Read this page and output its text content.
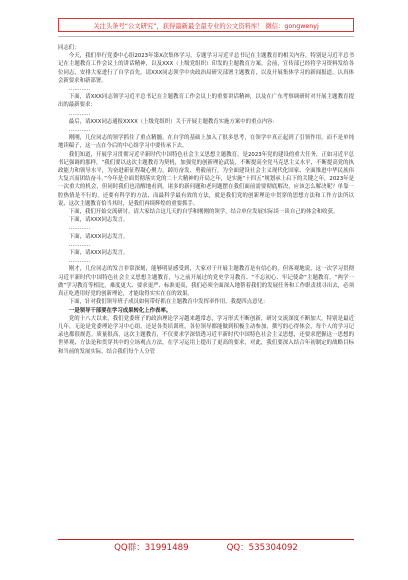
关注头条号“公文研究”，获得最新最全最专业的公文资料库！ 微信：gongwenyj

同志们：

今天，我们举行党委中心组2023年第X次集体学习，专题学习习近平总书记在主题教育的相关内容。特别是习近平总书记在主题教育工作会议上的讲话精神，以及XXX（上级党组织）印发的主题教育方案。会前，宣传部已经将学习资料发给各位同志，安排大家进行了自学首先，请XXX同志领学中央政治局研究部署主题教育，以及开展集体学习的新闻报道，认真体会新要求和新部署。

…………

下面，请XXX同志领学习近平总书记在主题教育工作会议上的重要讲话精神，以及在广东考察调研时对开展主题教育提出的最新要求：

…………

最后，请XXX同志通报XXXX（上级党组织）关于开展主题教育实施方案中的重点内容：

…………

刚刚，几位同志的领学抓住了重点精髓，在自学的基础上加入了很多思考，在领学中真正起到了引领作用，而不是单纯地读稿子，这一点在今后的中心组学习中要传承下去。

我们知道，开展学习贯彻习近平新时代中国特色社会主义思想主题教育，是2023年党的建设的重大任务，正如习近平总书记强调的那样，“我们要以这次主题教育为契机，加强党的创新理论武装，不断提高全党马克思主义水平，不断提高党的执政能力和领导水平，为奋进新征程凝心聚力，踔厉奋发、勇毅前行，为全面建设社会主义现代化国家、全面推进中华民族伟大复兴而团结奋斗。”今年是全面贯彻落实党的二十大精神的开局之年，是实施“十四五”规划承上启下的关键之年，2023年是一次重大的机会，但同时我们也清醒地看到，诸多的新问题和老问题摆在我们面前需要彻底解决，应该怎么解决呢？单靠一腔热情是不行的，还要有科学的方法、而最科学最有效的方法，就是我们党的创新理论中贯穿的思想方法和工作方法所以说，这次主题教育恰当其时，是我们再续辉煌的重要抓手。

下面，我们开始交流研讨，请大家结合这几天的自学和刚刚的领学，结合单位发展实际谈一谈自己的体会和收获。

下面，请XXX同志发言。

…………

下面，请XXX同志发言。

…………

下面，请XXX同志发言。

…………

刚才，几位同志的发言非常深刻，能够明显感受到，大家对于开展主题教育是有信心的，但客观地说，这一次学习贯彻习近平新时代中国特色社会主义思想主题教育，与之前开展过的党史学习教育、“不忘初心、牢记使命”主题教育，“两学一做”学习教育等相比，难度更大、要求更严、标准更高，我们必须全面深入地帮着我们的发展任务和工作职责找寻出去，必须真正吃透用好党的创新理论，才能取得实实在在的效果。

下面，针对我们领导班子成员如何带好抓在主题教育中发挥率作用，我提四点意见：

一是领导干部要在学习成果转化上作表率。

党的十八大以来，我们党委班子的政治理论学习越来越常态，学习形式不断创新，研讨交流深度不断加大，特别是最近几年，无论是党委理论学习中心组，还是各类培训班，各位领导都能做到积极主动参加，撰写的心得体会，每个人的学习记录也都很规范。质量很高，这次主题教育，不仅要求学深悟透习近平新时代中国特色社会主义思想，还要求把握这一思想的世界观、方法论和贯穿其中的立场观点方法，在学习运用上提出了更高的要求，对此，我们要深入结合年初制定的战略目标和当前的发展实际，结合我们每个人分管

QQ群：31991489	QQ：535304092
